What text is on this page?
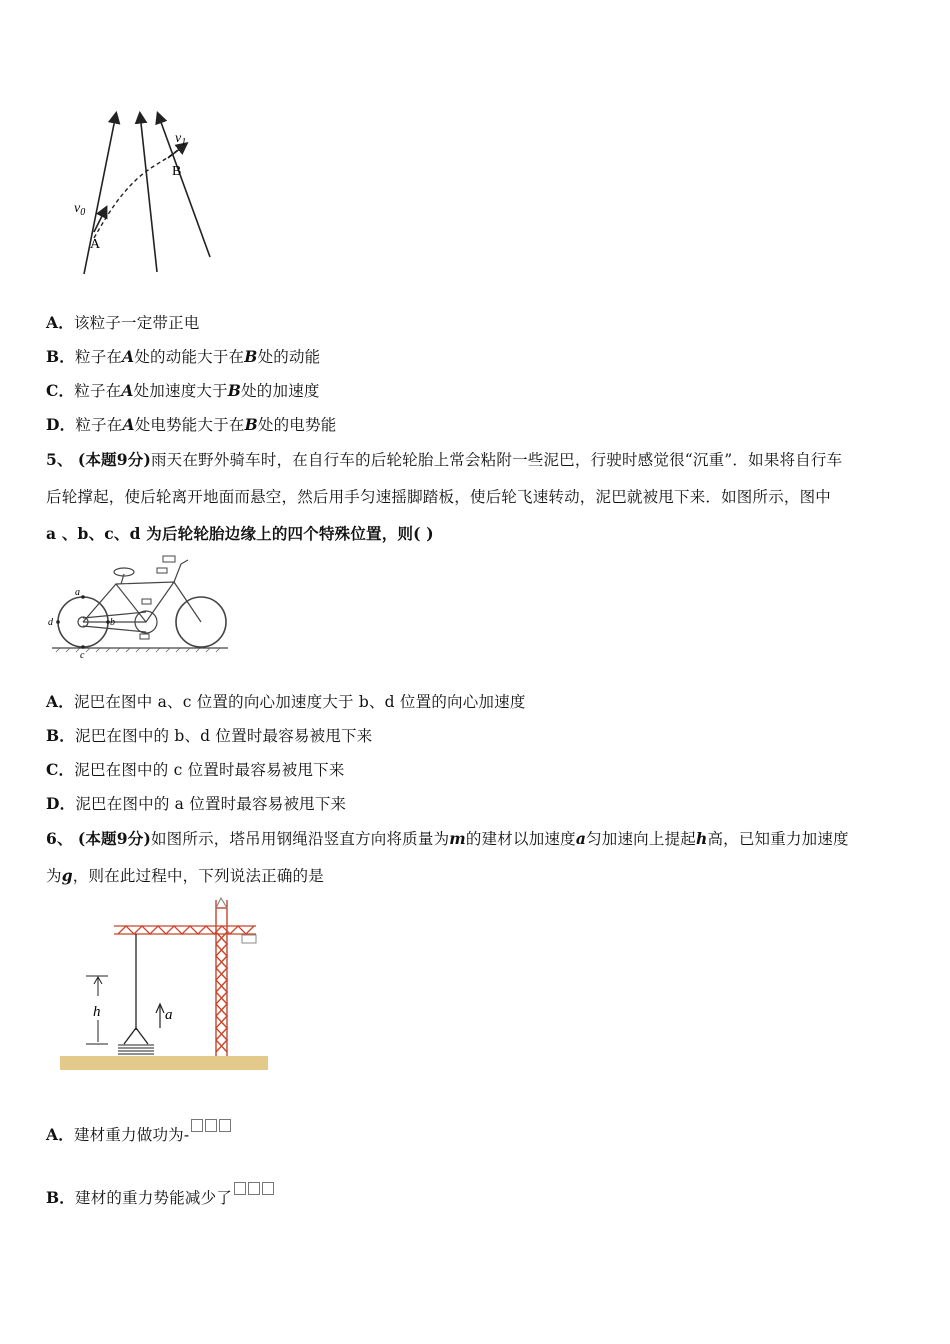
$v_1$
B
$v_0$
A
A．该粒子一定带正电
B．粒子在A处的动能大于在B处的动能
C．粒子在A处加速度大于B处的加速度
D．粒子在A处电势能大于在B处的电势能
5、 (本题9分)雨天在野外骑车时，在自行车的后轮轮胎上常会粘附一些泥巴，行驶时感觉很“沉重”．如果将自行车
后轮撑起，使后轮离开地面而悬空，然后用手匀速摇脚踏板，使后轮飞速转动，泥巴就被甩下来．如图所示，图中
a 、b、c、d 为后轮轮胎边缘上的四个特殊位置，则( )
a
b
c
d
A．泥巴在图中 a、c 位置的向心加速度大于 b、d 位置的向心加速度
B．泥巴在图中的 b、d 位置时最容易被甩下来
C．泥巴在图中的 c 位置时最容易被甩下来
D．泥巴在图中的 a 位置时最容易被甩下来
6、 (本题9分)如图所示，塔吊用钢绳沿竖直方向将质量为m的建材以加速度a匀加速向上提起h高，已知重力加速度
为g，则在此过程中，下列说法正确的是
h	a
A．建材重力做功为-
B．建材的重力势能减少了
